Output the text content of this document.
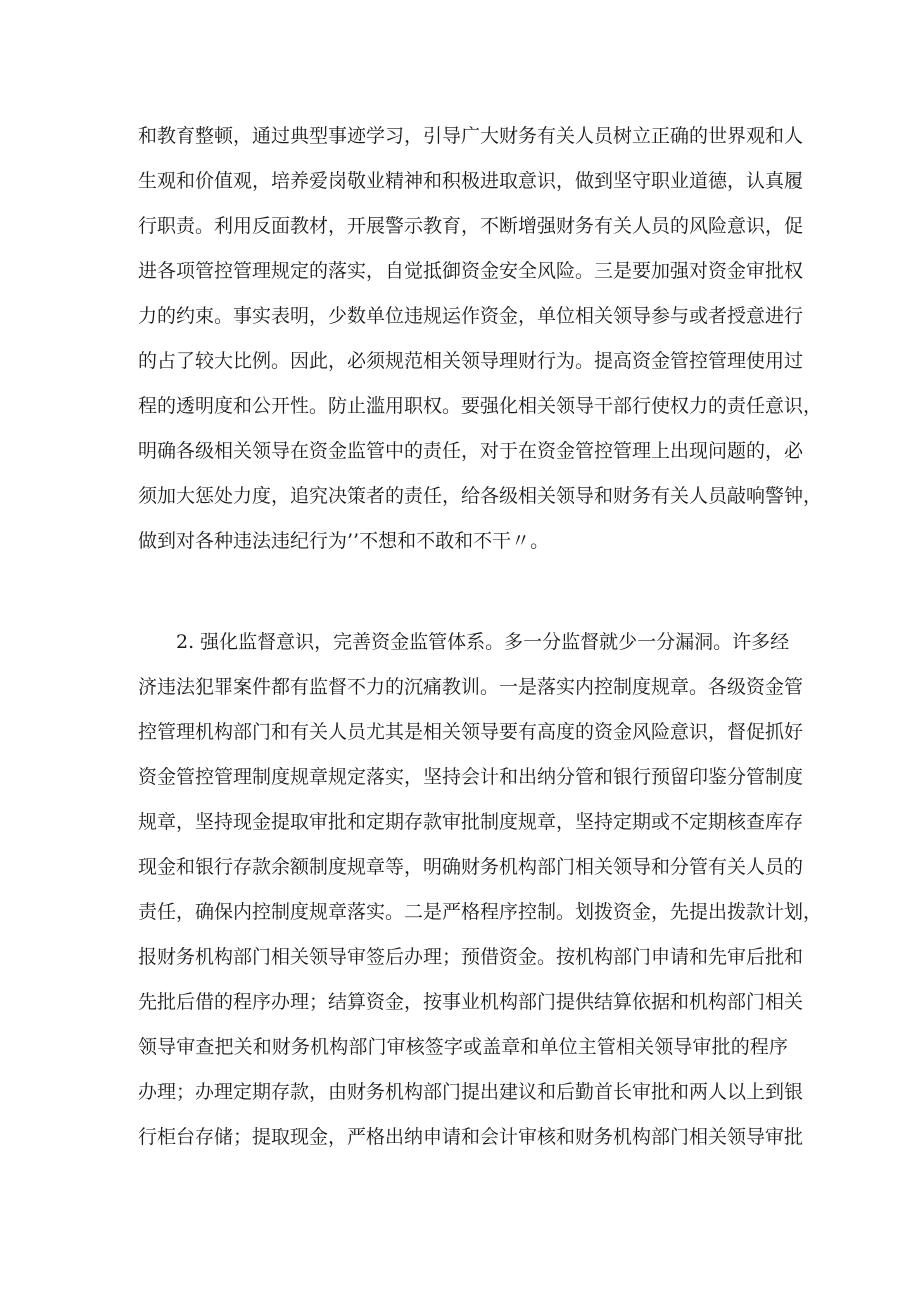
和教育整顿，通过典型事迹学习，引导广大财务有关人员树立正确的世界观和人
生观和价值观，培养爱岗敬业精神和积极进取意识，做到坚守职业道德，认真履
行职责。利用反面教材，开展警示教育，不断增强财务有关人员的风险意识，促
进各项管控管理规定的落实，自觉抵御资金安全风险。三是要加强对资金审批权
力的约束。事实表明，少数单位违规运作资金，单位相关领导参与或者授意进行
的占了较大比例。因此，必须规范相关领导理财行为。提高资金管控管理使用过
程的透明度和公开性。防止滥用职权。要强化相关领导干部行使权力的责任意识，
明确各级相关领导在资金监管中的责任，对于在资金管控管理上出现问题的，必
须加大惩处力度，追究决策者的责任，给各级相关领导和财务有关人员敲响警钟，
做到对各种违法违纪行为’’不想和不敢和不干〃。
2. 强化监督意识，完善资金监管体系。多一分监督就少一分漏洞。许多经
济违法犯罪案件都有监督不力的沉痛教训。一是落实内控制度规章。各级资金管
控管理机构部门和有关人员尤其是相关领导要有高度的资金风险意识，督促抓好
资金管控管理制度规章规定落实，坚持会计和出纳分管和银行预留印鉴分管制度
规章，坚持现金提取审批和定期存款审批制度规章，坚持定期或不定期核查库存
现金和银行存款余额制度规章等，明确财务机构部门相关领导和分管有关人员的
责任，确保内控制度规章落实。二是严格程序控制。划拨资金，先提出拨款计划，
报财务机构部门相关领导审签后办理；预借资金。按机构部门申请和先审后批和
先批后借的程序办理；结算资金，按事业机构部门提供结算依据和机构部门相关
领导审查把关和财务机构部门审核签字或盖章和单位主管相关领导审批的程序
办理；办理定期存款，由财务机构部门提出建议和后勤首长审批和两人以上到银
行柜台存储；提取现金，严格出纳申请和会计审核和财务机构部门相关领导审批
